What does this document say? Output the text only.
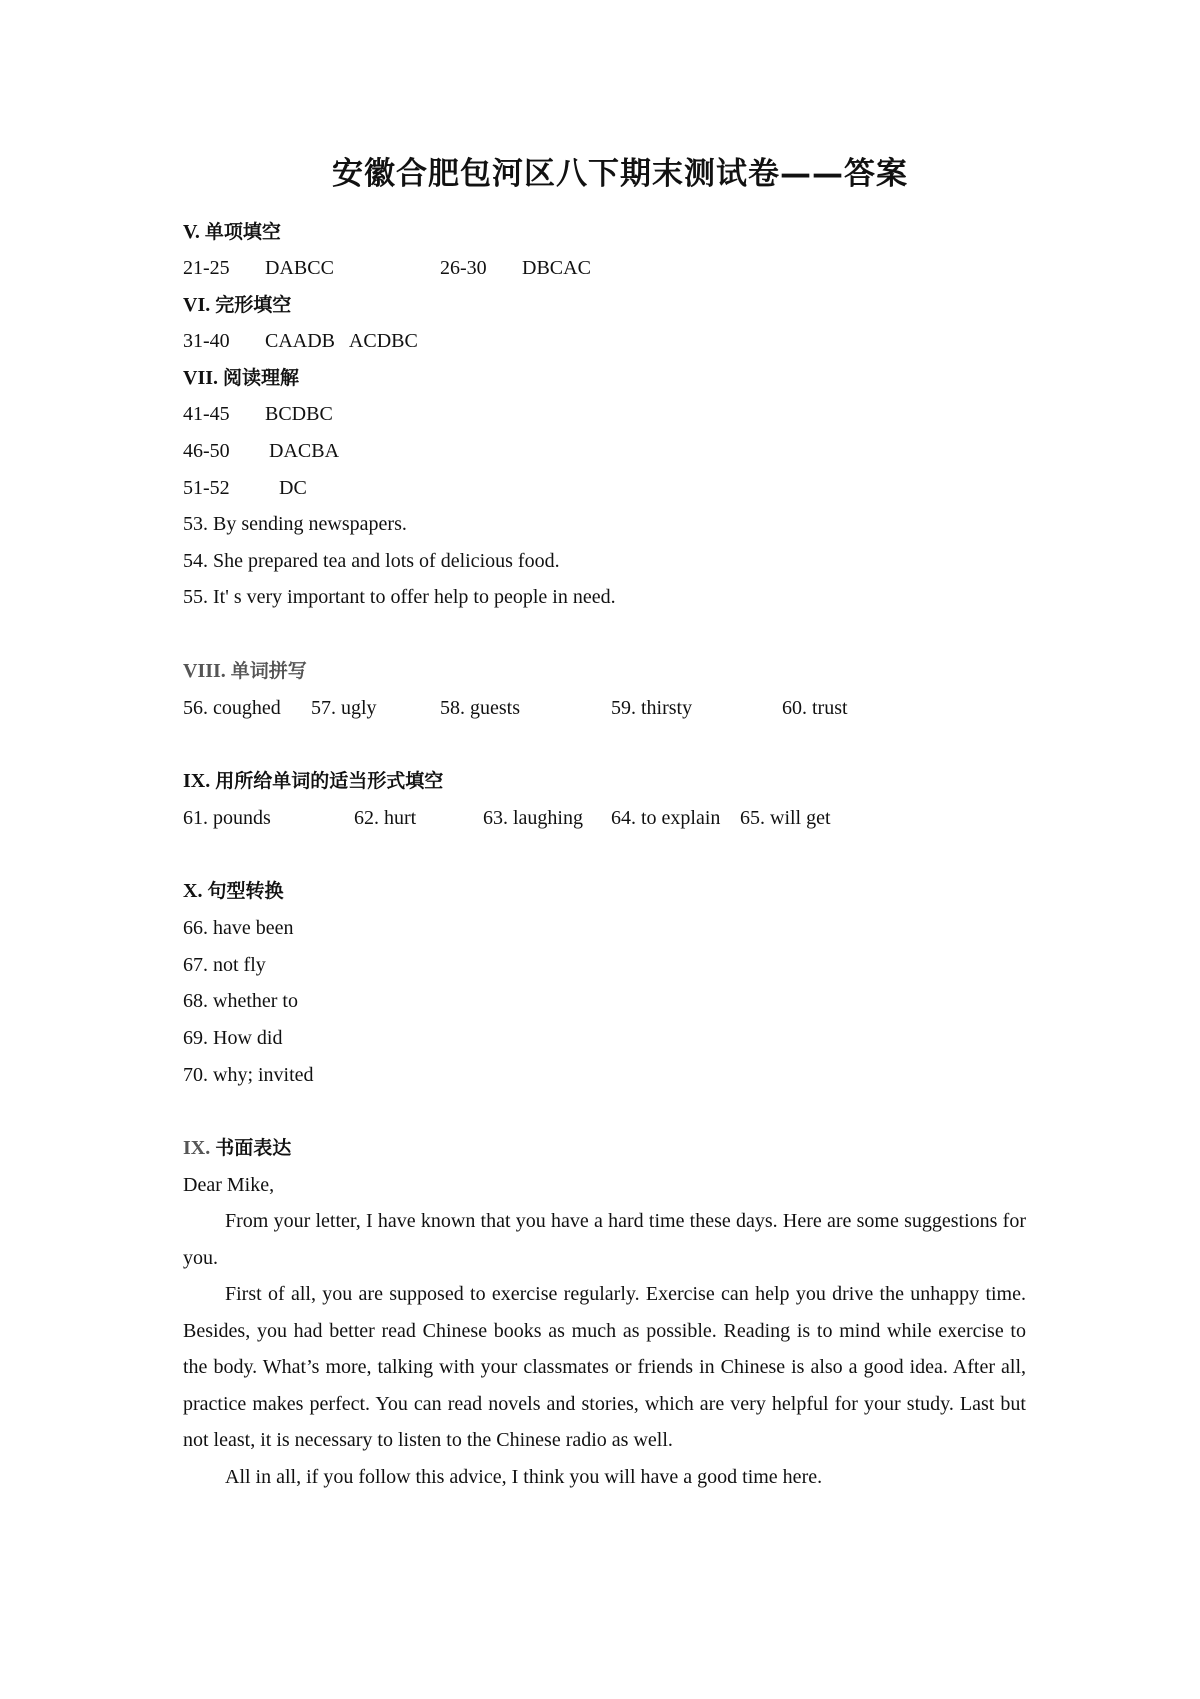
安徽合肥包河区八下期末测试卷——答案
V. 单项填空
21-25 DABCC	26-30 DBCAC
VI. 完形填空
31-40 CAADB   ACDBC
VII. 阅读理解
41-45 BCDBC
46-50 DACBA
51-52 DC
53. By sending newspapers.
54. She prepared tea and lots of delicious food.
55. It' s very important to offer help to people in need.
VIII. 单词拼写
56. coughed 57. ugly	58. guests	59. thirsty	60. trust
IX. 用所给单词的适当形式填空
61. pounds	62. hurt	63. laughing 64. to explain 65. will get
X. 句型转换
66. have been
67. not fly
68. whether to
69. How did
70. why; invited
IX. 书面表达
Dear Mike,
From your letter, I have known that you have a hard time these days. Here are some suggestions for you.
First of all, you are supposed to exercise regularly. Exercise can help you drive the unhappy time. Besides, you had better read Chinese books as much as possible. Reading is to mind while exercise to the body. What’s more, talking with your classmates or friends in Chinese is also a good idea. After all, practice makes perfect. You can read novels and stories, which are very helpful for your study. Last but not least, it is necessary to listen to the Chinese radio as well.
All in all, if you follow this advice, I think you will have a good time here.
